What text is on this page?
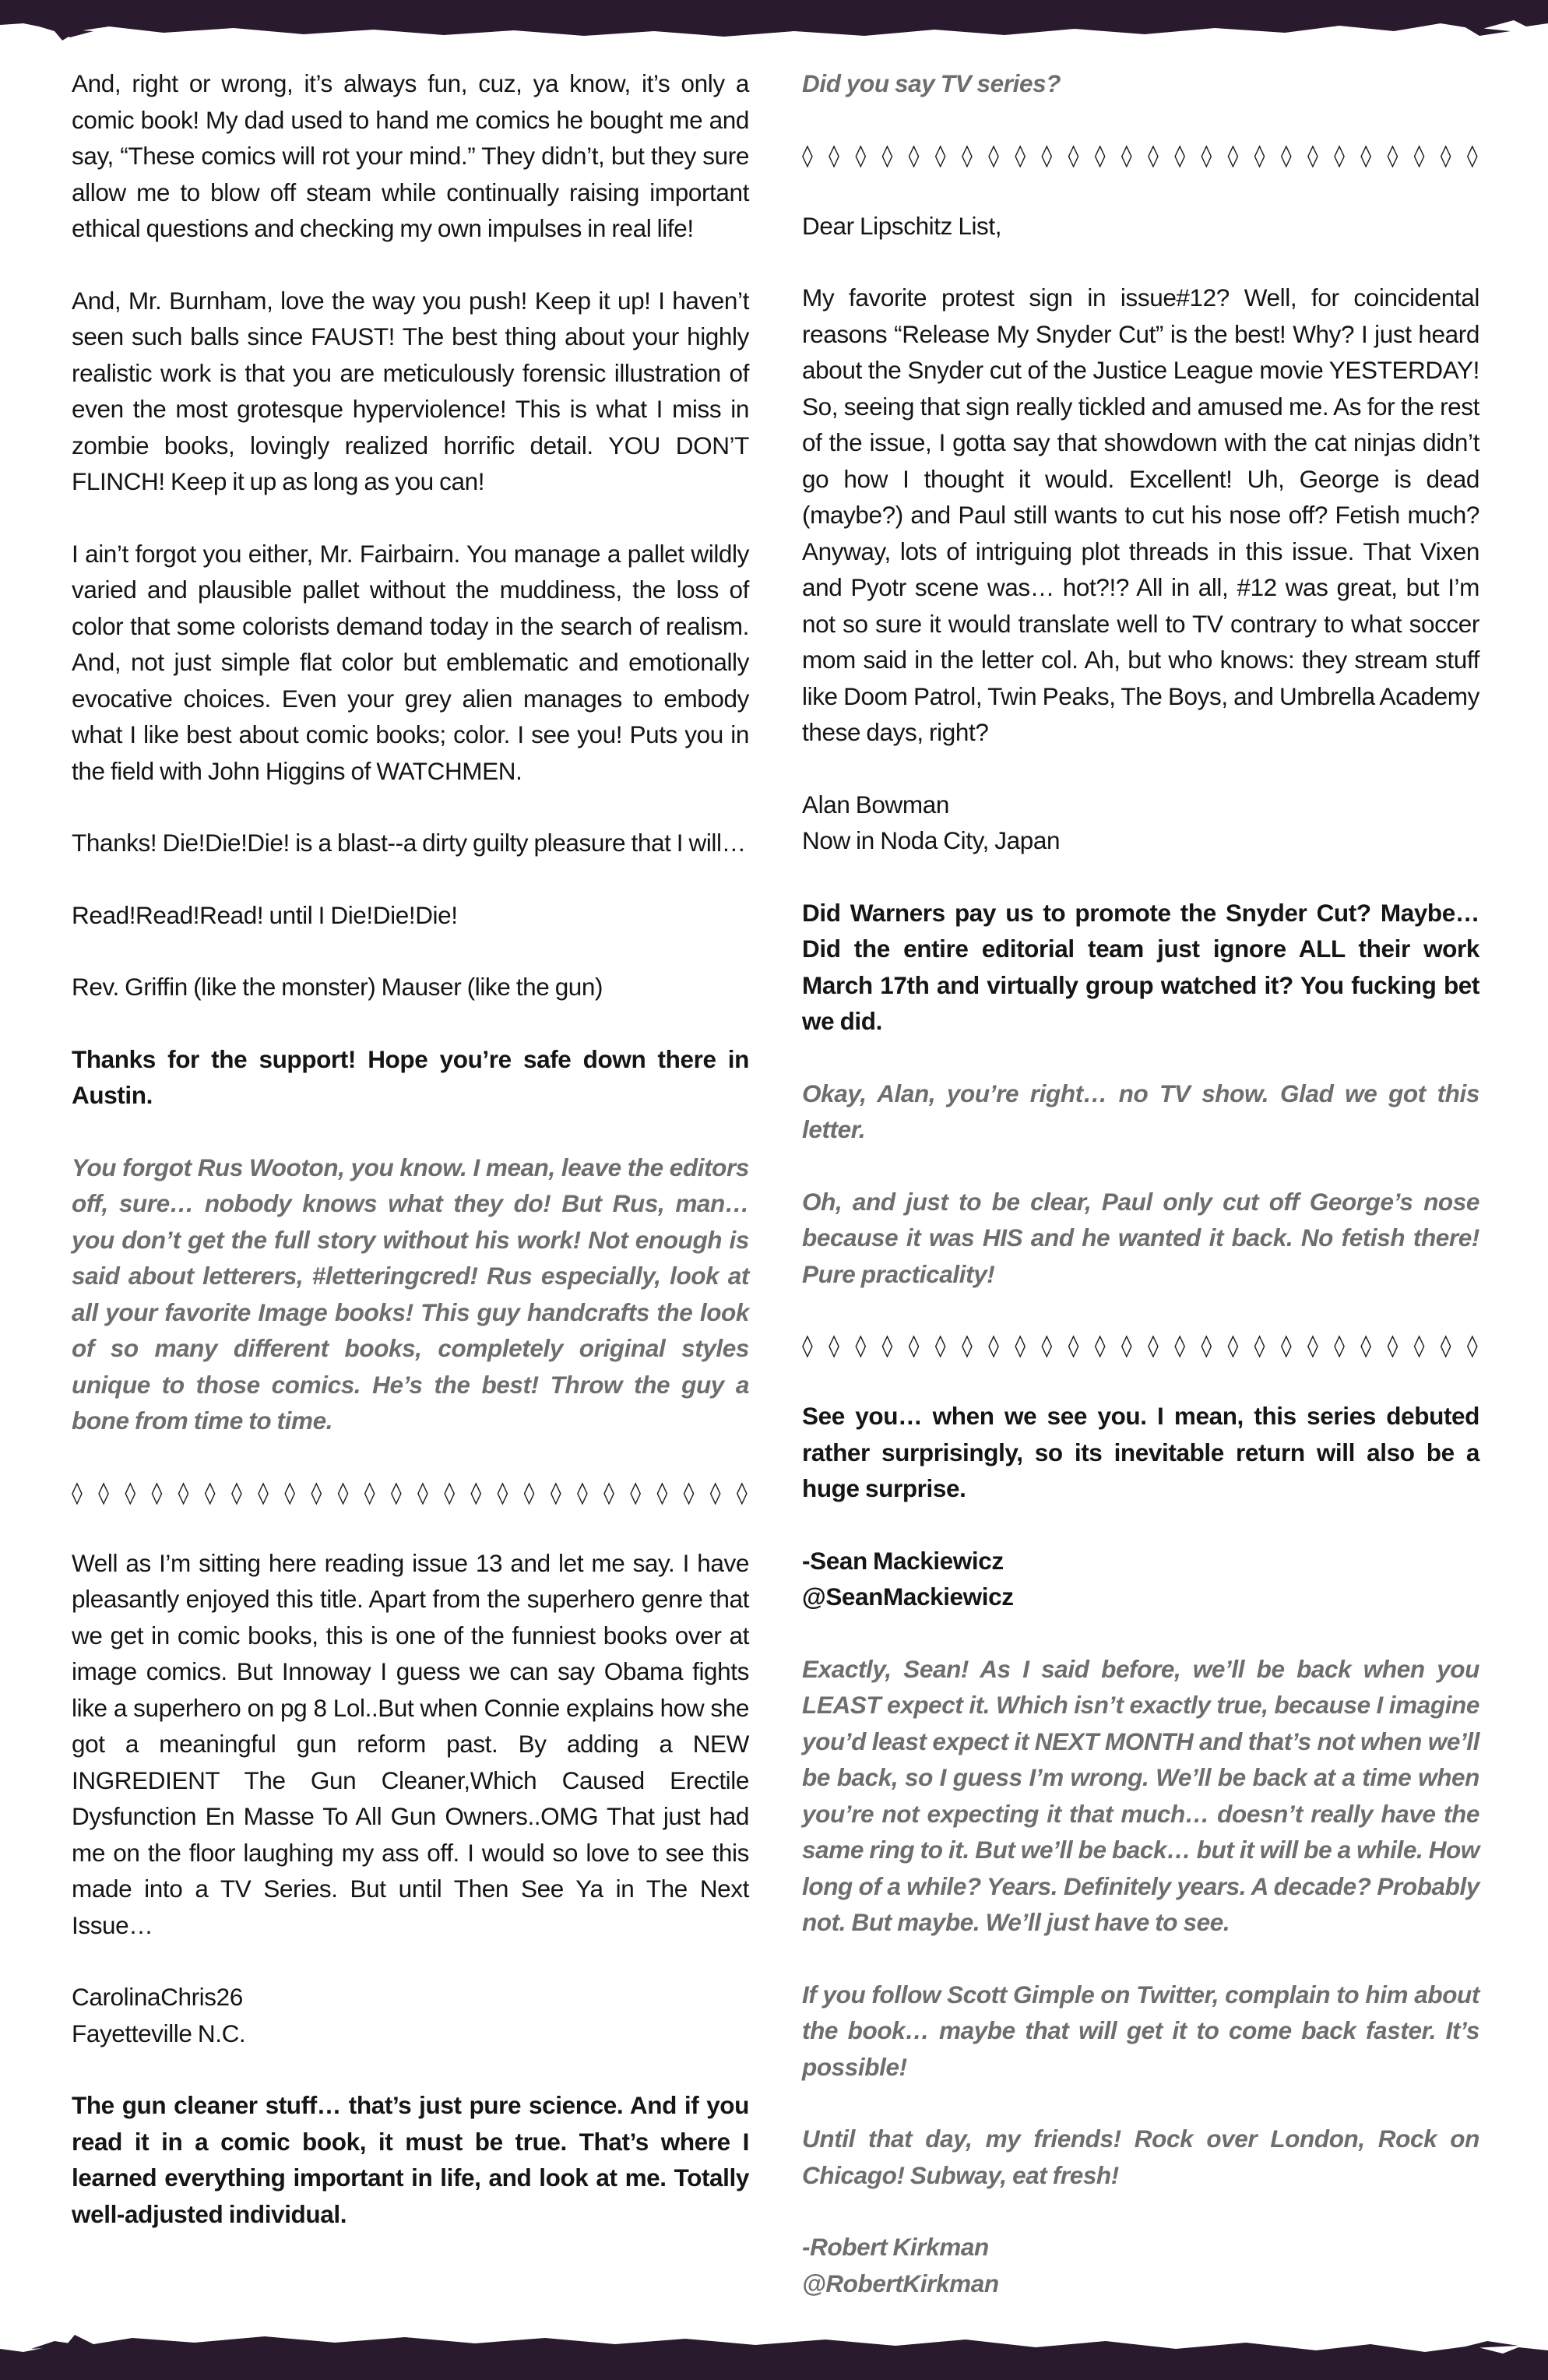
And, right or wrong, it’s always fun, cuz, ya know, it’s only a comic book! My dad used to hand me comics he bought me and say, “These comics will rot your mind.” They didn’t, but they sure allow me to blow off steam while continually raising important ethical questions and checking my own impulses in real life!

And, Mr. Burnham, love the way you push! Keep it up! I haven’t seen such balls since FAUST! The best thing about your highly realistic work is that you are meticulously forensic illustration of even the most grotesque hyperviolence! This is what I miss in zombie books, lovingly realized horrific detail. YOU DON’T FLINCH! Keep it up as long as you can!

I ain’t forgot you either, Mr. Fairbairn. You manage a pallet wildly varied and plausible pallet without the muddiness, the loss of color that some colorists demand today in the search of realism. And, not just simple flat color but emblematic and emotionally evocative choices. Even your grey alien manages to embody what I like best about comic books; color. I see you! Puts you in the field with John Higgins of WATCHMEN.

Thanks! Die!Die!Die! is a blast--a dirty guilty pleasure that I will…

Read!Read!Read! until I Die!Die!Die!

Rev. Griffin (like the monster) Mauser (like the gun)

Thanks for the support! Hope you’re safe down there in Austin.

You forgot Rus Wooton, you know. I mean, leave the editors off, sure… nobody knows what they do! But Rus, man… you don’t get the full story without his work! Not enough is said about letterers, #letteringcred! Rus especially, look at all your favorite Image books! This guy handcrafts the look of so many different books, completely original styles unique to those comics. He’s the best! Throw the guy a bone from time to time.

◊ ◊ ◊ ◊ ◊ ◊ ◊ ◊ ◊ ◊ ◊ ◊ ◊ ◊ ◊ ◊ ◊ ◊ ◊ ◊ ◊ ◊ ◊ ◊ ◊ ◊

Well as I’m sitting here reading issue 13 and let me say. I have pleasantly enjoyed this title. Apart from the superhero genre that we get in comic books, this is one of the funniest books over at image comics. But Innoway I guess we can say Obama fights like a superhero on pg 8 Lol..But when Connie explains how she got a meaningful gun reform past. By adding a NEW INGREDIENT The Gun Cleaner,Which Caused Erectile Dysfunction En Masse To All Gun Owners..OMG That just had me on the floor laughing my ass off. I would so love to see this made into a TV Series. But until Then See Ya in The Next Issue…

CarolinaChris26
Fayetteville N.C.

The gun cleaner stuff… that’s just pure science. And if you read it in a comic book, it must be true. That’s where I learned everything important in life, and look at me. Totally well-adjusted individual.

Did you say TV series?

◊ ◊ ◊ ◊ ◊ ◊ ◊ ◊ ◊ ◊ ◊ ◊ ◊ ◊ ◊ ◊ ◊ ◊ ◊ ◊ ◊ ◊ ◊ ◊ ◊ ◊

Dear Lipschitz List,

My favorite protest sign in issue#12? Well, for coincidental reasons “Release My Snyder Cut” is the best! Why? I just heard about the Snyder cut of the Justice League movie YESTERDAY! So, seeing that sign really tickled and amused me. As for the rest of the issue, I gotta say that showdown with the cat ninjas didn’t go how I thought it would. Excellent! Uh, George is dead (maybe?) and Paul still wants to cut his nose off? Fetish much? Anyway, lots of intriguing plot threads in this issue. That Vixen and Pyotr scene was… hot?!? All in all, #12 was great, but I’m not so sure it would translate well to TV contrary to what soccer mom said in the letter col. Ah, but who knows: they stream stuff like Doom Patrol, Twin Peaks, The Boys, and Umbrella Academy these days, right?

Alan Bowman
Now in Noda City, Japan

Did Warners pay us to promote the Snyder Cut? Maybe… Did the entire editorial team just ignore ALL their work March 17th and virtually group watched it? You fucking bet we did.

Okay, Alan, you’re right… no TV show. Glad we got this letter.

Oh, and just to be clear, Paul only cut off George’s nose because it was HIS and he wanted it back. No fetish there! Pure practicality!

◊ ◊ ◊ ◊ ◊ ◊ ◊ ◊ ◊ ◊ ◊ ◊ ◊ ◊ ◊ ◊ ◊ ◊ ◊ ◊ ◊ ◊ ◊ ◊ ◊ ◊

See you… when we see you. I mean, this series debuted rather surprisingly, so its inevitable return will also be a huge surprise.

-Sean Mackiewicz
@SeanMackiewicz

Exactly, Sean! As I said before, we’ll be back when you LEAST expect it. Which isn’t exactly true, because I imagine you’d least expect it NEXT MONTH and that’s not when we’ll be back, so I guess I’m wrong. We’ll be back at a time when you’re not expecting it that much… doesn’t really have the same ring to it. But we’ll be back… but it will be a while. How long of a while? Years. Definitely years. A decade? Probably not. But maybe. We’ll just have to see.

If you follow Scott Gimple on Twitter, complain to him about the book… maybe that will get it to come back faster. It’s possible!

Until that day, my friends! Rock over London, Rock on Chicago! Subway, eat fresh!

-Robert Kirkman
@RobertKirkman
